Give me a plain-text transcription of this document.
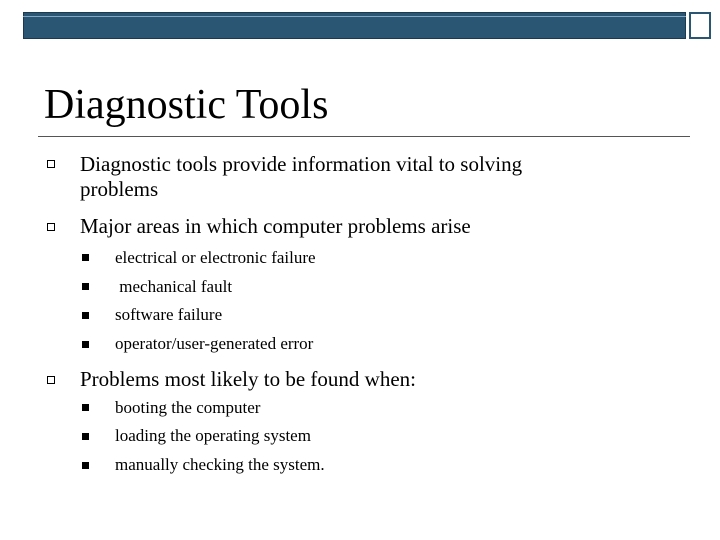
Diagnostic Tools
Diagnostic tools provide information vital to solving
problems
Major areas in which computer problems arise
electrical or electronic failure
mechanical fault
software failure
operator/user-generated error
Problems most likely to be found when:
booting the computer
loading the operating system
manually checking the system.
